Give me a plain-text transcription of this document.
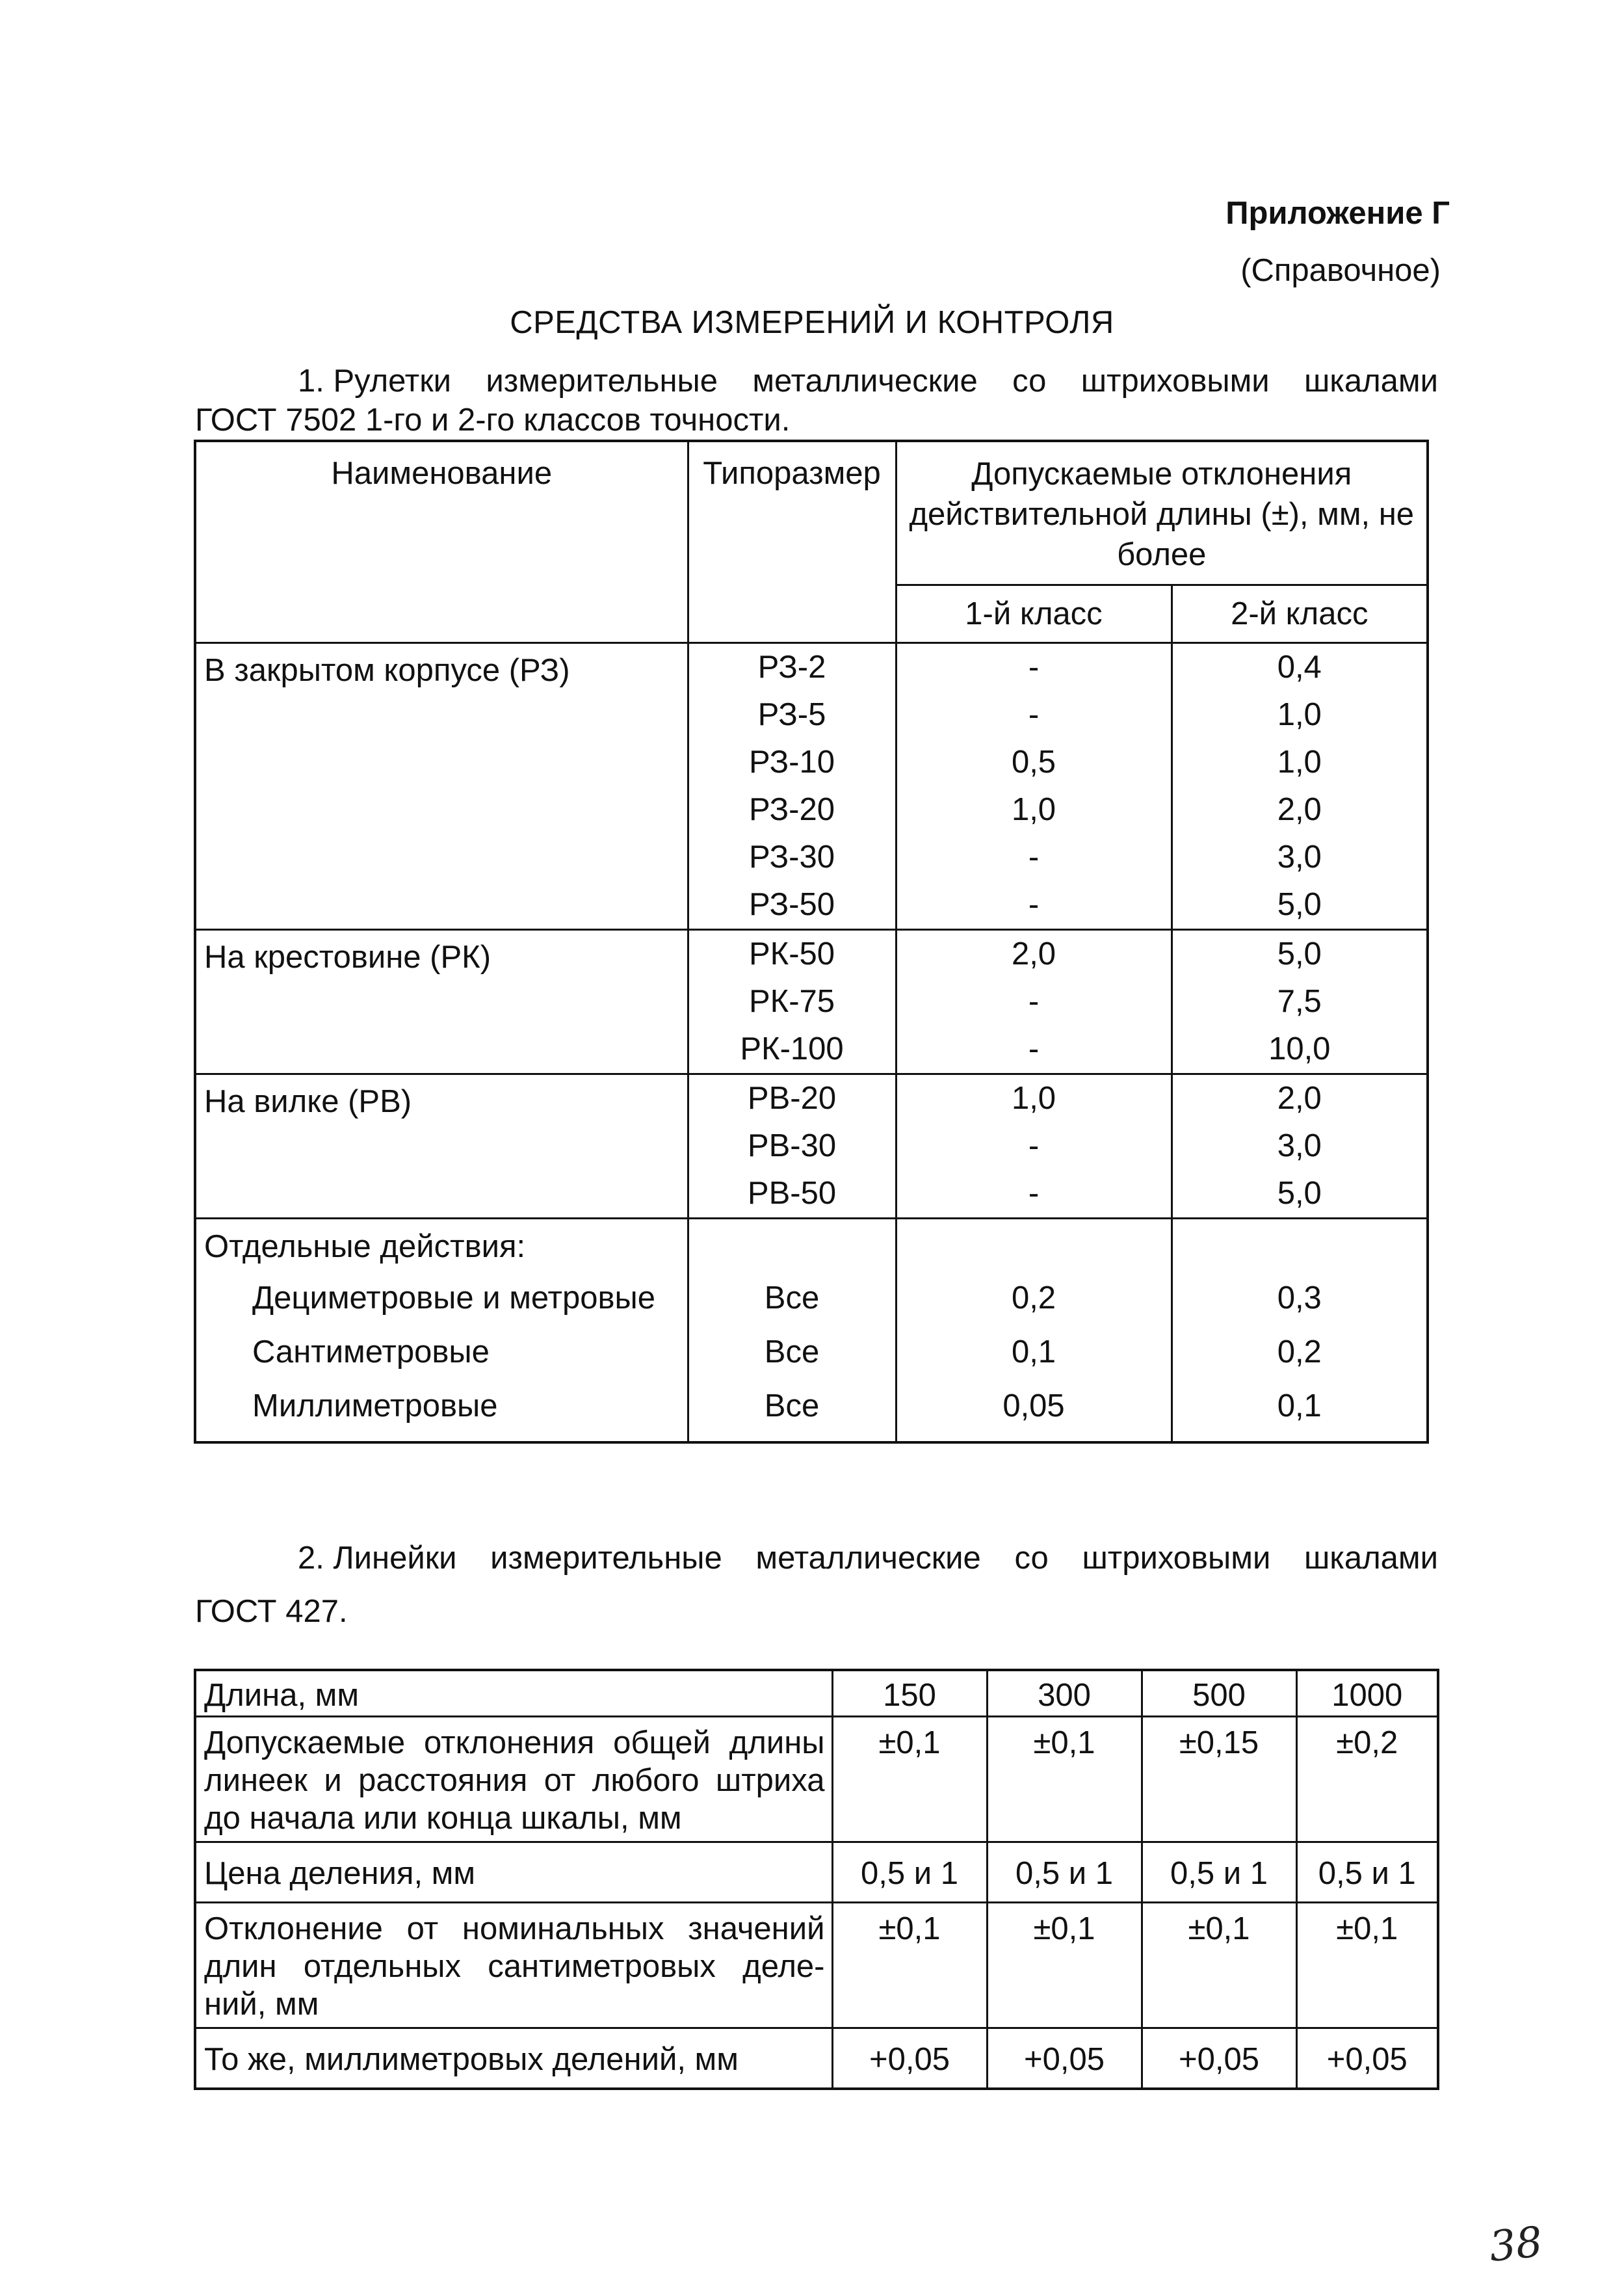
Приложение Г
(Справочное)
СРЕДСТВА ИЗМЕРЕНИЙ И КОНТРОЛЯ
1. Рулетки измерительные металлические со штриховыми шкалами
ГОСТ 7502 1-го и 2-го классов точности.
Наименование	Типоразмер	Допускаемые отклонения действительной длины (±), мм, не более	
		1-й класс	2-й класс
В закрытом корпусе (РЗ)	РЗ-2	-	0,4
	РЗ-5	-	1,0
	РЗ-10	0,5	1,0
	РЗ-20	1,0	2,0
	РЗ-30	-	3,0
	РЗ-50	-	5,0
На крестовине (РК)	РК-50	2,0	5,0
	РК-75	-	7,5
	РК-100	-	10,0
На вилке (РВ)	РВ-20	1,0	2,0
	РВ-30	-	3,0
	РВ-50	-	5,0
Отдельные действия:			
Дециметровые и метровые	Все	0,2	0,3
Сантиметровые	Все	0,1	0,2
Миллиметровые	Все	0,05	0,1
2. Линейки измерительные металлические со штриховыми шкалами
ГОСТ 427.
Длина, мм	150	300	500	1000
Допускаемые отклонения общей длины линеек и расстояния от любого штриха до начала или конца шкалы, мм	±0,1	±0,1	±0,15	±0,2
Цена деления, мм	0,5 и 1	0,5 и 1	0,5 и 1	0,5 и 1
Отклонение от номинальных значений длин отдельных сантиметровых деле-ний, мм	±0,1	±0,1	±0,1	±0,1
То же, миллиметровых делений, мм	+0,05	+0,05	+0,05	+0,05
38
